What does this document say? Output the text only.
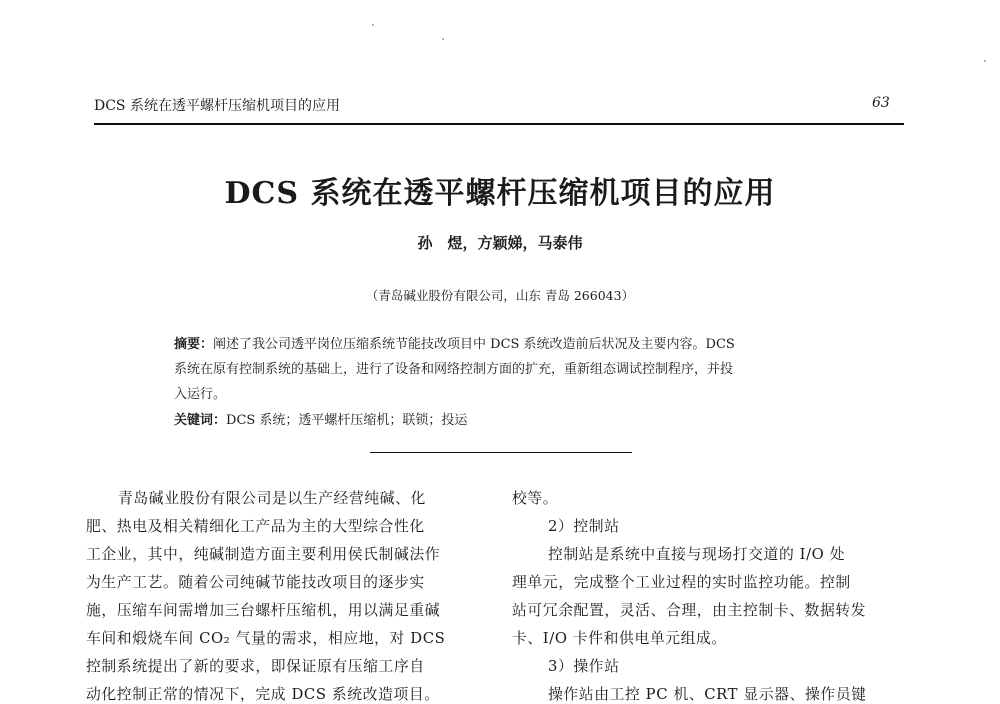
DCS 系统在透平螺杆压缩机项目的应用	63
DCS 系统在透平螺杆压缩机项目的应用
孙　煜，方颖娣，马泰伟
（青岛碱业股份有限公司，山东 青岛 266043）
摘要：阐述了我公司透平岗位压缩系统节能技改项目中 DCS 系统改造前后状况及主要内容。DCS
系统在原有控制系统的基础上，进行了设备和网络控制方面的扩充，重新组态调试控制程序，并投
入运行。
关键词：DCS 系统；透平螺杆压缩机；联锁；投运
青岛碱业股份有限公司是以生产经营纯碱、化
肥、热电及相关精细化工产品为主的大型综合性化
工企业，其中，纯碱制造方面主要利用侯氏制碱法作
为生产工艺。随着公司纯碱节能技改项目的逐步实
施，压缩车间需增加三台螺杆压缩机，用以满足重碱
车间和煅烧车间 CO₂ 气量的需求，相应地，对 DCS
控制系统提出了新的要求，即保证原有压缩工序自
动化控制正常的情况下，完成 DCS 系统改造项目。
校等。
2）控制站
控制站是系统中直接与现场打交道的 I/O 处
理单元，完成整个工业过程的实时监控功能。控制
站可冗余配置，灵活、合理，由主控制卡、数据转发
卡、I/O 卡件和供电单元组成。
3）操作站
操作站由工控 PC 机、CRT 显示器、操作员键
